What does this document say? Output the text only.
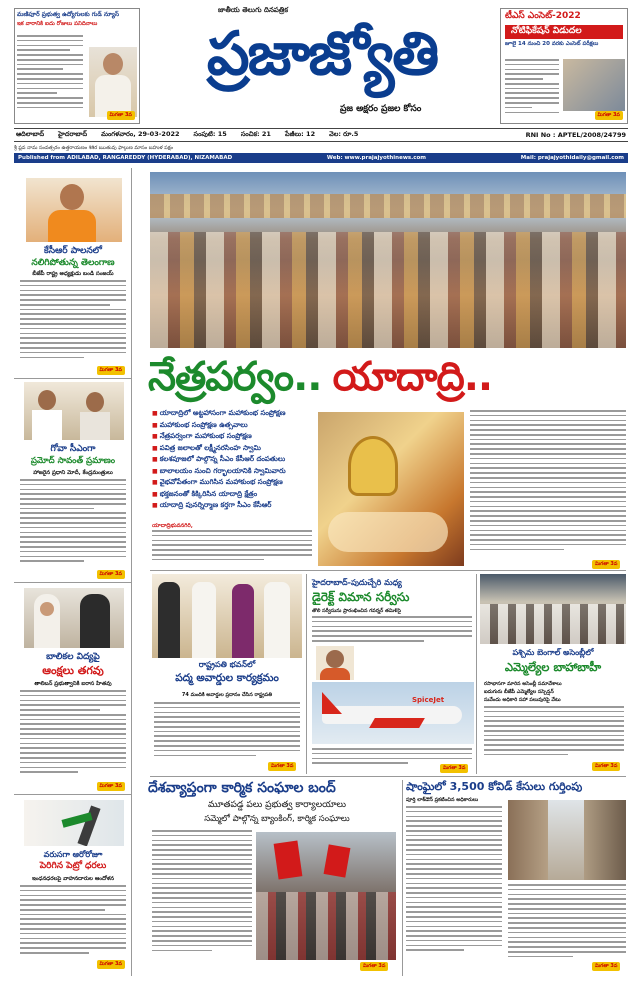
మణిపూర్ ప్రభుత్వ ఉద్యోగులకు గుడ్ న్యూస్
ఇక వారానికి ఐదు రోజులు పనిదినాలు
మిగతా 3వ
జాతీయ తెలుగు దినపత్రిక
ప్రజాజ్యోతి
ప్రజ అక్షరం ప్రజల కోసం
టీఎస్ ఎంసెట్-2022
నోటిఫికేషన్ విడుదల
జూలై 14 నుంచి 20 వరకు ఎంసెట్ పరీక్షలు
మిగతా 3వ
ఆదిలాబాద్ హైదరాబాద్ మంగళవారం, 29-03-2022 సంపుటి: 15 సంచిక: 21 పేజీలు: 12 వెల: రూ.5	RNI No : APTEL/2008/24799
శ్రీ ప్లవ నామ సంవత్సరం ఉత్తరాయణం శిశిర ఋతువు ఫాల్గుణ మాసం బహుళ పక్షం
Published from ADILABAD, RANGAREDDY (HYDERABAD), NIZAMABAD	Web: www.prajajyothinews.com	Mail: prajajyothidaily@gmail.com
కేసీఆర్ పాలనలో
నలిగిపోతున్న తెలంగాణ
బీజేపీ రాష్ట్ర అధ్యక్షుడు బండి సంజయ్
మిగతా 3వ
గోవా సీఎంగా
ప్రమోద్ సావంత్ ప్రమాణం
హాజరైన ప్రధాని మోదీ, కేంద్రమంత్రులు
మిగతా 3వ
బాలికల విద్యపై
ఆంక్షలు తగవు
తాలిబన్ ప్రభుత్వానికి ఐరాస హితవు
మిగతా 3వ
వరుసగా ఆరోరోజూ
పెరిగిన పెట్రో ధరలు
ఇంధనధరలపై వాహనదారుల ఆందోళన
మిగతా 3వ
నేత్రపర్వం.. యాదాద్రి..
■ యాదాద్రిలో అట్టహాసంగా మహాకుంభ సంప్రోక్షణ
■ మహాకుంభ సంప్రోక్షణ ఉత్సవాలు
■ నేత్రపర్వంగా మహాకుంభ సంప్రోక్షణ
■ పవిత్ర జలాలతో లక్ష్మీనరసింహ స్వామి
■ కలశపూజలో పాల్గొన్న సీఎం కేసీఆర్ దంపతులు
■ బాలాలయం నుంచి గర్భాలయానికి స్వామివారు
■ వైభవోపేతంగా ముగిసిన మహాకుంభ సంప్రోక్షణ
■ భక్తజనంతో కిక్కిరిసిన యాదాద్రి క్షేత్రం
■ యాదాద్రి పునర్నిర్మాణ కర్తగా సీఎం కేసీఆర్
యాదాద్రిభువనగిరి,
మిగతా 3వ
రాష్ట్రపతి భవన్‌లో
పద్మ అవార్డుల కార్యక్రమం
74 మందికి అవార్డుల ప్రదానం చేసిన రాష్ట్రపతి
మిగతా 3వ
హైదరాబాద్-పుదుచ్చేరి మధ్య
డైరెక్ట్ విమాన సర్వీసు
తొలి సర్వీసును ప్రారంభించిన గవర్నర్ తమిళిసై
SpiceJet
మిగతా 3వ
పశ్చిమ బెంగాల్ అసెంబ్లీలో
ఎమ్మెల్యేల బాహాబాహీ
రసాభాసగా మారిన అసెంబ్లీ సమావేశాలు
ఐదుగురు బీజేపీ ఎమ్మెల్యేల సస్పెన్షన్
సువేందు అధికారి సహా పలువురిపై వేటు
మిగతా 3వ
దేశవ్యాప్తంగా కార్మిక సంఘాల బంద్
మూతపడ్డ పలు ప్రభుత్వ కార్యాలయాలు
సమ్మెలో పాల్గొన్న బ్యాంకింగ్, కార్మిక సంఘాలు
మిగతా 3వ
షాంఘైలో 3,500 కోవిడ్ కేసులు గుర్తింపు
పూర్తి లాక్‌డౌన్ ప్రకటించిన అధికారులు
మిగతా 3వ
